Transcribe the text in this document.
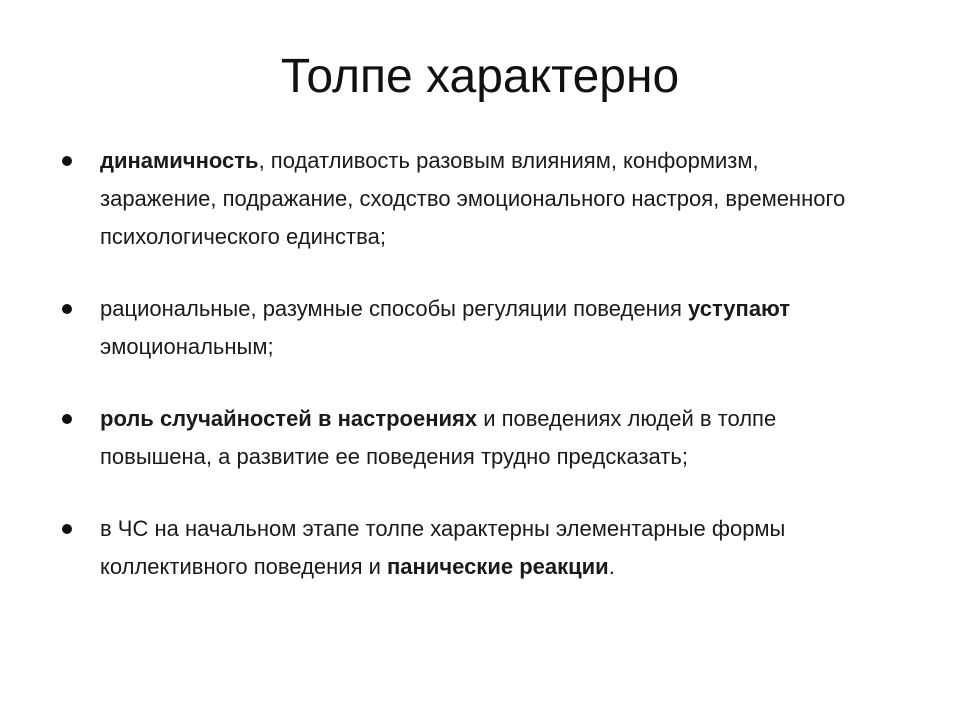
Толпе характерно
динамичность, податливость разовым влияниям, конформизм, заражение, подражание, сходство эмоционального настроя, временного психологического единства;
рациональные, разумные способы регуляции поведения уступают эмоциональным;
роль случайностей в настроениях и поведениях людей в толпе повышена, а развитие ее поведения трудно предсказать;
в ЧС на начальном этапе толпе характерны элементарные формы коллективного поведения и панические реакции.
